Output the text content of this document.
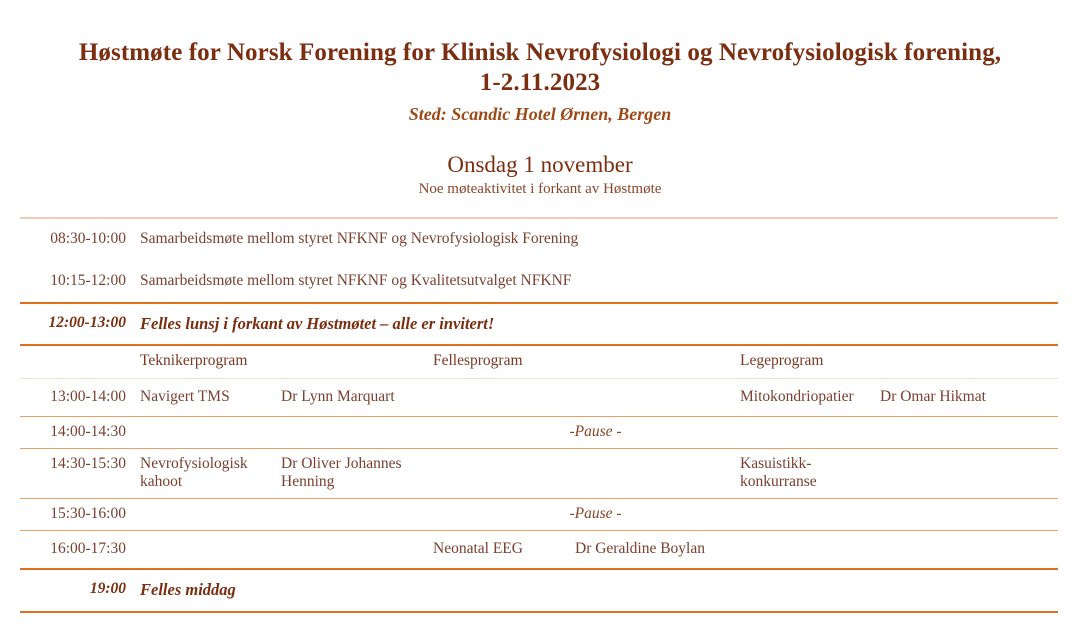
Høstmøte for Norsk Forening for Klinisk Nevrofysiologi og Nevrofysiologisk forening, 1-2.11.2023
Sted: Scandic Hotel Ørnen, Bergen
Onsdag 1 november
Noe møteaktivitet i forkant av Høstmøte
08:30-10:00	Samarbeidsmøte mellom styret NFKNF og Nevrofysiologisk Forening					
10:15-12:00	Samarbeidsmøte mellom styret NFKNF og Kvalitetsutvalget NFKNF					
12:00-13:00	Felles lunsj i forkant av Høstmøtet – alle er invitert!					
	Teknikerprogram		Fellesprogram		Legeprogram	
13:00-14:00	Navigert TMS	Dr Lynn Marquart			Mitokondriopatier	Dr Omar Hikmat
14:00-14:30	-Pause -					
14:30-15:30	Nevrofysiologisk kahoot	Dr Oliver Johannes Henning			Kasuistikk-konkurranse	
15:30-16:00	-Pause -					
16:00-17:30			Neonatal EEG	Dr Geraldine Boylan		
19:00	Felles middag					
